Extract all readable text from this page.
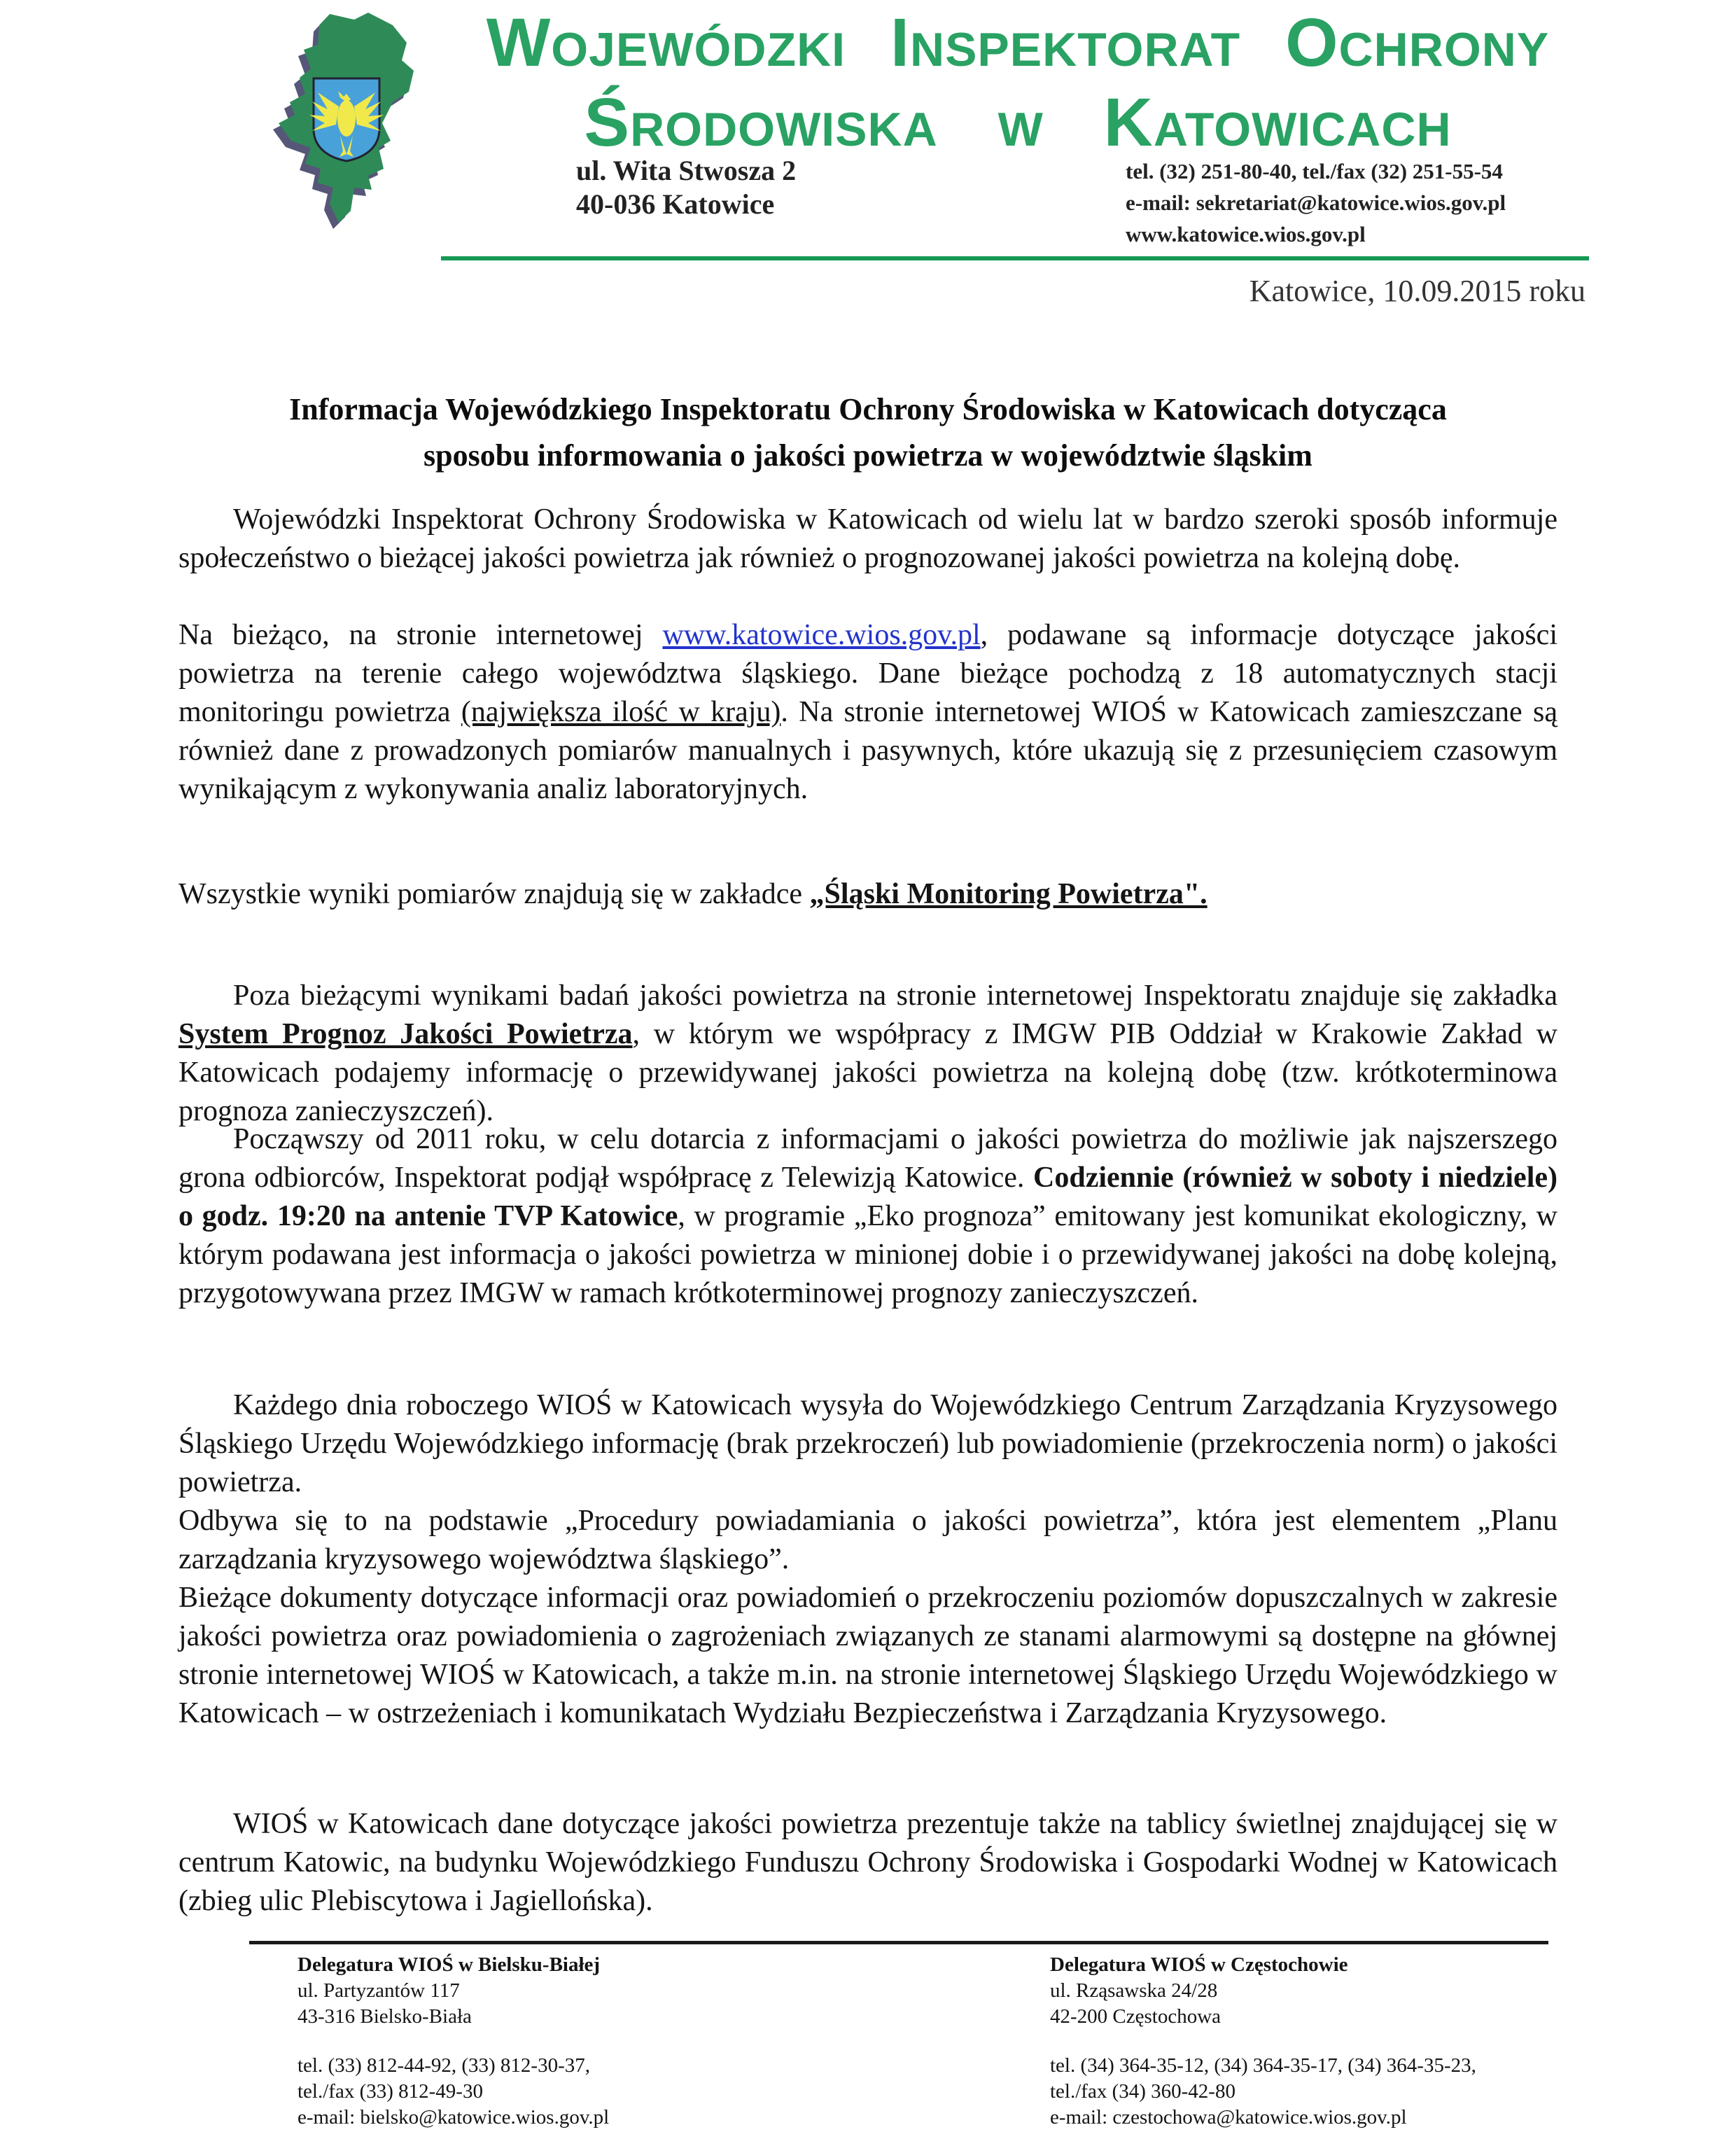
Wojewódzki Inspektorat Ochrony
Środowiska w Katowicach
ul. Wita Stwosza 2
40-036 Katowice
tel. (32) 251-80-40, tel./fax (32) 251-55-54
e-mail: sekretariat@katowice.wios.gov.pl
www.katowice.wios.gov.pl
Katowice, 10.09.2015 roku
Informacja Wojewódzkiego Inspektoratu Ochrony Środowiska w Katowicach dotycząca
sposobu informowania o jakości powietrza w województwie śląskim
Wojewódzki Inspektorat Ochrony Środowiska w Katowicach od wielu lat w bardzo szeroki sposób informuje społeczeństwo o bieżącej jakości powietrza jak również o prognozowanej jakości powietrza na kolejną dobę.
Na bieżąco, na stronie internetowej www.katowice.wios.gov.pl, podawane są informacje dotyczące jakości powietrza na terenie całego województwa śląskiego. Dane bieżące pochodzą z 18 automatycznych stacji monitoringu powietrza (największa ilość w kraju). Na stronie internetowej WIOŚ w Katowicach zamieszczane są również dane z prowadzonych pomiarów manualnych i pasywnych, które ukazują się z przesunięciem czasowym wynikającym z wykonywania analiz laboratoryjnych.
Wszystkie wyniki pomiarów znajdują się w zakładce „Śląski Monitoring Powietrza".
Poza bieżącymi wynikami badań jakości powietrza na stronie internetowej Inspektoratu znajduje się zakładka System Prognoz Jakości Powietrza, w którym we współpracy z IMGW PIB Oddział w Krakowie Zakład w Katowicach podajemy informację o przewidywanej jakości powietrza na kolejną dobę (tzw. krótkoterminowa prognoza zanieczyszczeń).
Począwszy od 2011 roku, w celu dotarcia z informacjami o jakości powietrza do możliwie jak najszerszego grona odbiorców, Inspektorat podjął współpracę z Telewizją Katowice. Codziennie (również w soboty i niedziele) o godz. 19:20 na antenie TVP Katowice, w programie „Eko prognoza” emitowany jest komunikat ekologiczny, w którym podawana jest informacja o jakości powietrza w minionej dobie i o przewidywanej jakości na dobę kolejną, przygotowywana przez IMGW w ramach krótkoterminowej prognozy zanieczyszczeń.
Każdego dnia roboczego WIOŚ w Katowicach wysyła do Wojewódzkiego Centrum Zarządzania Kryzysowego Śląskiego Urzędu Wojewódzkiego informację (brak przekroczeń) lub powiadomienie (przekroczenia norm) o jakości powietrza.
Odbywa się to na podstawie „Procedury powiadamiania o jakości powietrza”, która jest elementem „Planu zarządzania kryzysowego województwa śląskiego”.
Bieżące dokumenty dotyczące informacji oraz powiadomień o przekroczeniu poziomów dopuszczalnych w zakresie jakości powietrza oraz powiadomienia o zagrożeniach związanych ze stanami alarmowymi są dostępne na głównej stronie internetowej WIOŚ w Katowicach, a także m.in. na stronie internetowej Śląskiego Urzędu Wojewódzkiego w Katowicach – w ostrzeżeniach i komunikatach Wydziału Bezpieczeństwa i Zarządzania Kryzysowego.
WIOŚ w Katowicach dane dotyczące jakości powietrza prezentuje także na tablicy świetlnej znajdującej się w centrum Katowic, na budynku Wojewódzkiego Funduszu Ochrony Środowiska i Gospodarki Wodnej w Katowicach (zbieg ulic Plebiscytowa i Jagiellońska).
Delegatura WIOŚ w Bielsku-Białej
ul. Partyzantów 117
43-316 Bielsko-Biała
tel. (33) 812-44-92, (33) 812-30-37,
tel./fax (33) 812-49-30
e-mail: bielsko@katowice.wios.gov.pl
Delegatura WIOŚ w Częstochowie
ul. Rząsawska 24/28
42-200 Częstochowa
tel. (34) 364-35-12, (34) 364-35-17, (34) 364-35-23,
tel./fax (34) 360-42-80
e-mail: czestochowa@katowice.wios.gov.pl
